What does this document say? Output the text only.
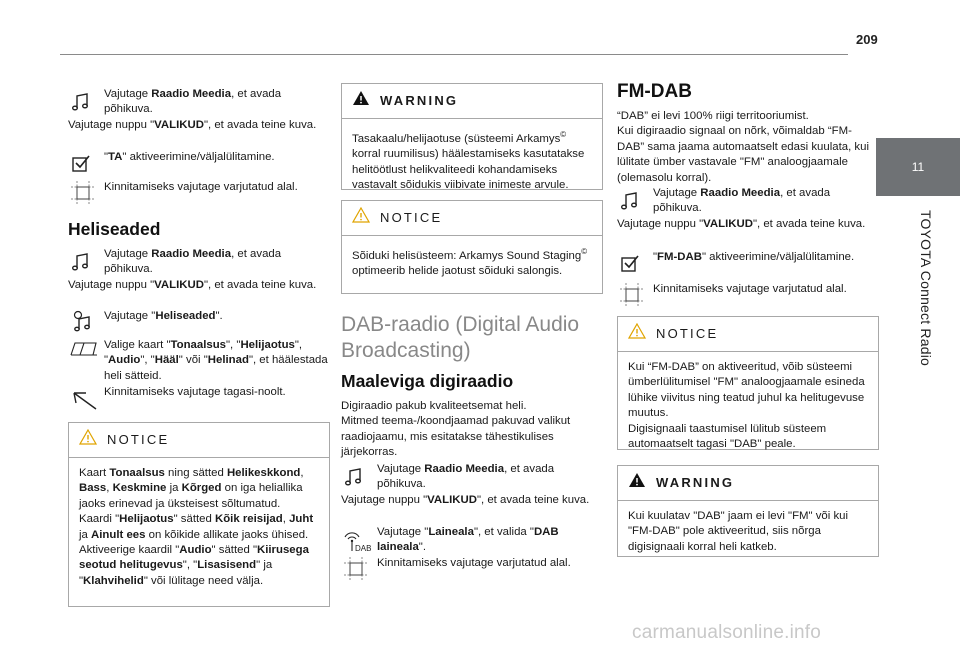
209
11
TOYOTA Connect Radio

Vajutage Raadio Meedia, et avada põhikuva.

Vajutage nuppu "VALIKUD", et avada teine kuva.

"TA" aktiveerimine/väljalülitamine.

Kinnitamiseks vajutage varjutatud alal.

Heliseaded

Vajutage Raadio Meedia, et avada põhikuva.

Vajutage nuppu "VALIKUD", et avada teine kuva.

Vajutage "Heliseaded".

Valige kaart "Tonaalsus", "Helijaotus", "Audio", "Hääl" või "Helinad", et häälestada heli sätteid.

Kinnitamiseks vajutage tagasi-noolt.

NOTICE

Kaart Tonaalsus ning sätted Helikeskkond, Bass, Keskmine ja Kõrged on iga heliallika jaoks erinevad ja üksteisest sõltumatud.
Kaardi "Helijaotus" sätted Kõik reisijad, Juht ja Ainult ees on kõikide allikate jaoks ühised.
Aktiveerige kaardil "Audio" sätted "Kiirusega seotud helitugevus", "Lisasisend" ja "Klahvihelid" või lülitage need välja.

WARNING

Tasakaalu/helijaotuse (süsteemi Arkamys© korral ruumilisus) häälestamiseks kasutatakse helitöötlust helikvaliteedi kohandamiseks vastavalt sõidukis viibivate inimeste arvule.

NOTICE

Sõiduki helisüsteem: Arkamys Sound Staging© optimeerib helide jaotust sõiduki salongis.

DAB-raadio (Digital Audio Broadcasting)
Maaleviga digiraadio

Digiraadio pakub kvaliteetsemat heli.

Mitmed teema-/koondjaamad pakuvad valikut raadiojaamu, mis esitatakse tähestikulises järjekorras.

Vajutage Raadio Meedia, et avada põhikuva.

Vajutage nuppu "VALIKUD", et avada teine kuva.

DAB

Vajutage "Laineala", et valida "DAB laineala".

Kinnitamiseks vajutage varjutatud alal.

FM-DAB

“DAB” ei levi 100% riigi territooriumist.

Kui digiraadio signaal on nõrk, võimaldab “FM-DAB” sama jaama automaatselt edasi kuulata, kui lülitate ümber vastavale "FM" analoogjaamale (olemasolu korral).

Vajutage Raadio Meedia, et avada põhikuva.

Vajutage nuppu "VALIKUD", et avada teine kuva.

"FM-DAB" aktiveerimine/väljalülitamine.

Kinnitamiseks vajutage varjutatud alal.

NOTICE

Kui “FM-DAB” on aktiveeritud, võib süsteemi ümberlülitumisel "FM" analoogjaamale esineda lühike viivitus ning teatud juhul ka helitugevuse muutus.

Digisignaali taastumisel lülitub süsteem automaatselt tagasi "DAB" peale.

WARNING

Kui kuulatav "DAB" jaam ei levi "FM" või kui "FM-DAB" pole aktiveeritud, siis nõrga digisignaali korral heli katkeb.

carmanualsonline.info
